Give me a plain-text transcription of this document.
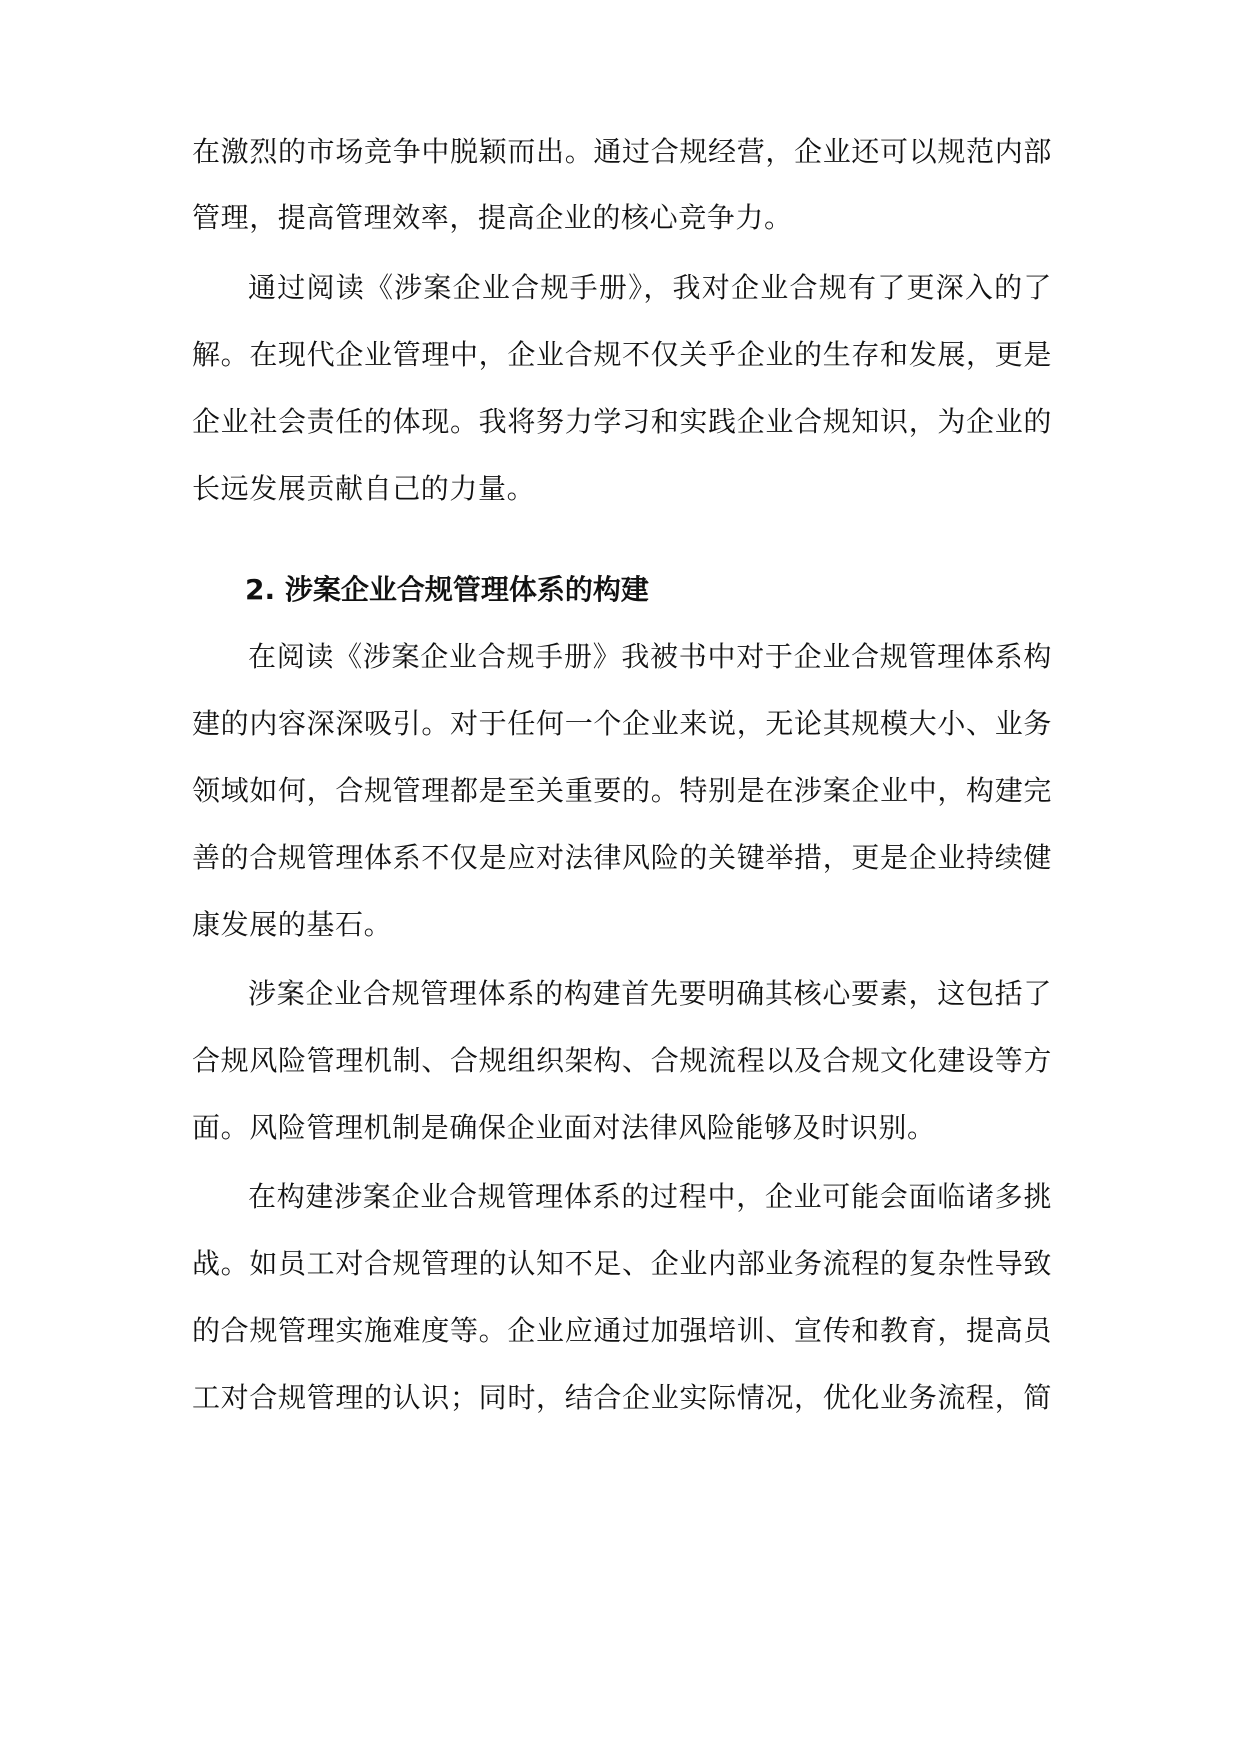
在激烈的市场竞争中脱颖而出。通过合规经营，企业还可以规范内部
管理，提高管理效率，提高企业的核心竞争力。
通过阅读《涉案企业合规手册》，我对企业合规有了更深入的了
解。在现代企业管理中，企业合规不仅关乎企业的生存和发展，更是
企业社会责任的体现。我将努力学习和实践企业合规知识，为企业的
长远发展贡献自己的力量。
2. 涉案企业合规管理体系的构建
在阅读《涉案企业合规手册》我被书中对于企业合规管理体系构
建的内容深深吸引。对于任何一个企业来说，无论其规模大小、业务
领域如何，合规管理都是至关重要的。特别是在涉案企业中，构建完
善的合规管理体系不仅是应对法律风险的关键举措，更是企业持续健
康发展的基石。
涉案企业合规管理体系的构建首先要明确其核心要素，这包括了
合规风险管理机制、合规组织架构、合规流程以及合规文化建设等方
面。风险管理机制是确保企业面对法律风险能够及时识别。
在构建涉案企业合规管理体系的过程中，企业可能会面临诸多挑
战。如员工对合规管理的认知不足、企业内部业务流程的复杂性导致
的合规管理实施难度等。企业应通过加强培训、宣传和教育，提高员
工对合规管理的认识；同时，结合企业实际情况，优化业务流程，简
